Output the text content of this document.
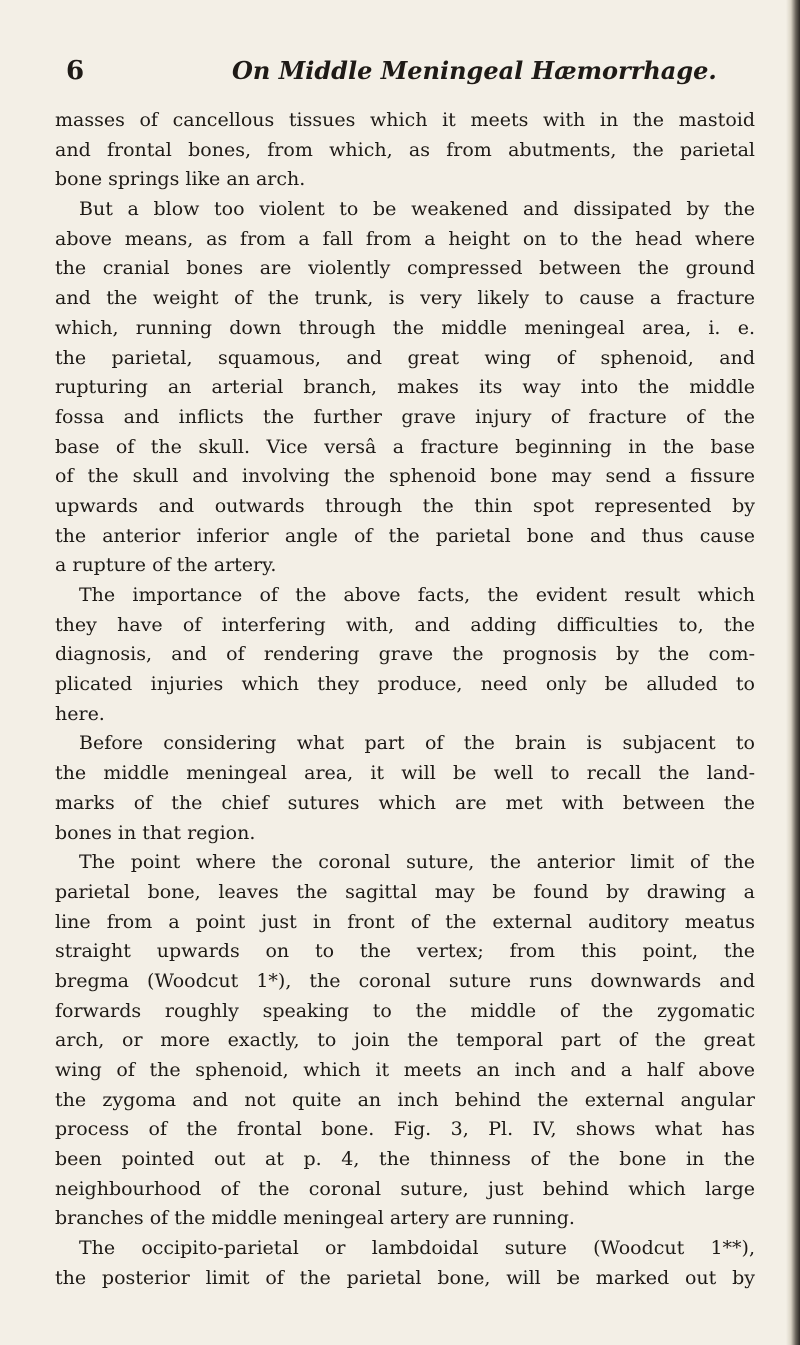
6	On Middle Meningeal Hæmorrhage.
masses of cancellous tissues which it meets with in the mastoid
and frontal bones, from which, as from abutments, the parietal
bone springs like an arch.
But a blow too violent to be weakened and dissipated by the
above means, as from a fall from a height on to the head where
the cranial bones are violently compressed between the ground
and the weight of the trunk, is very likely to cause a fracture
which, running down through the middle meningeal area, i. e.
the parietal, squamous, and great wing of sphenoid, and
rupturing an arterial branch, makes its way into the middle
fossa and inflicts the further grave injury of fracture of the
base of the skull. Vice versâ a fracture beginning in the base
of the skull and involving the sphenoid bone may send a fissure
upwards and outwards through the thin spot represented by
the anterior inferior angle of the parietal bone and thus cause
a rupture of the artery.
The importance of the above facts, the evident result which
they have of interfering with, and adding difficulties to, the
diagnosis, and of rendering grave the prognosis by the com-
plicated injuries which they produce, need only be alluded to
here.
Before considering what part of the brain is subjacent to
the middle meningeal area, it will be well to recall the land-
marks of the chief sutures which are met with between the
bones in that region.
The point where the coronal suture, the anterior limit of the
parietal bone, leaves the sagittal may be found by drawing a
line from a point just in front of the external auditory meatus
straight upwards on to the vertex; from this point, the
bregma (Woodcut 1*), the coronal suture runs downwards and
forwards roughly speaking to the middle of the zygomatic
arch, or more exactly, to join the temporal part of the great
wing of the sphenoid, which it meets an inch and a half above
the zygoma and not quite an inch behind the external angular
process of the frontal bone. Fig. 3, Pl. IV, shows what has
been pointed out at p. 4, the thinness of the bone in the
neighbourhood of the coronal suture, just behind which large
branches of the middle meningeal artery are running.
The occipito-parietal or lambdoidal suture (Woodcut 1**),
the posterior limit of the parietal bone, will be marked out by
